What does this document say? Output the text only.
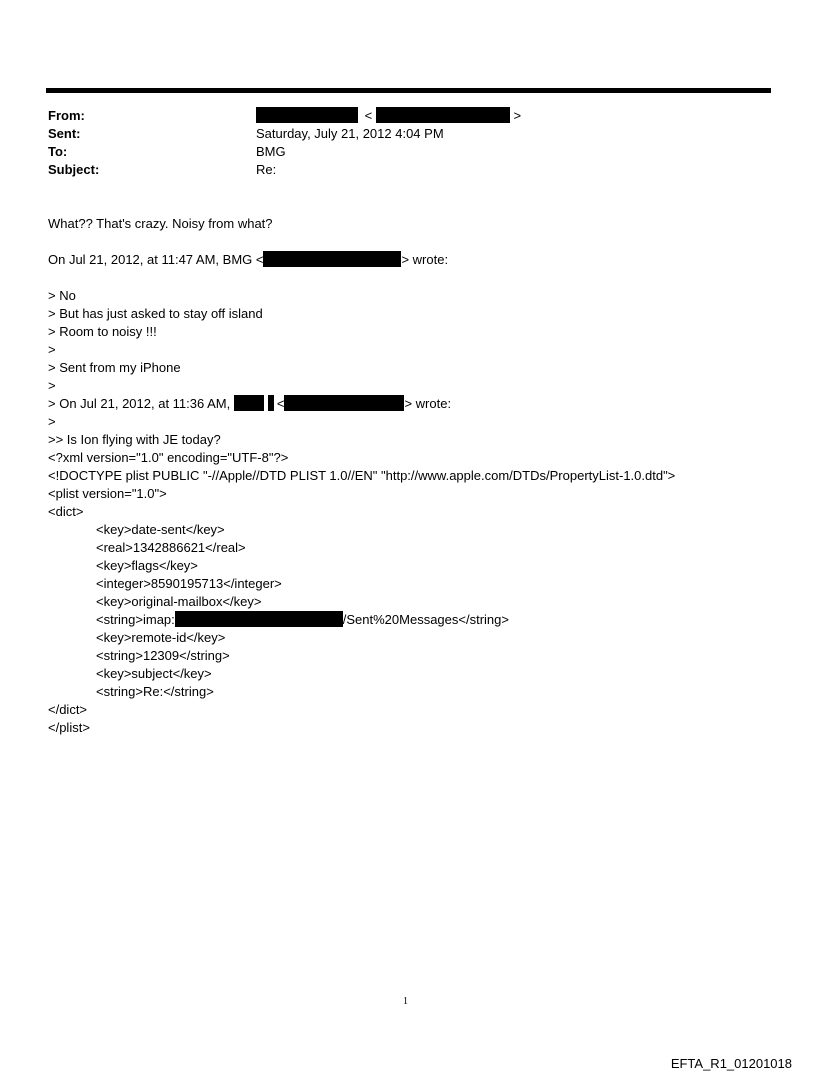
From:	<	>
Sent:	Saturday, July 21, 2012 4:04 PM
To:	BMG
Subject:	Re:
What?? That's crazy. Noisy from what?
On Jul 21, 2012, at 11:47 AM, BMG <	> wrote:
> No
> But has just asked to stay off island
> Room to noisy !!!
>
> Sent from my iPhone
>
> On Jul 21, 2012, at 11:36 AM,	<	> wrote:
>
>> Is Ion flying with JE today?
<?xml version="1.0" encoding="UTF-8"?>
<!DOCTYPE plist PUBLIC "-//Apple//DTD PLIST 1.0//EN" "http://www.apple.com/DTDs/PropertyList-1.0.dtd">
<plist version="1.0">
<dict>
<key>date-sent</key>
<real>1342886621</real>
<key>flags</key>
<integer>8590195713</integer>
<key>original-mailbox</key>
<string>imap:	/Sent%20Messages</string>
<key>remote-id</key>
<string>12309</string>
<key>subject</key>
<string>Re:</string>
</dict>
</plist>
1
EFTA_R1_01201018
